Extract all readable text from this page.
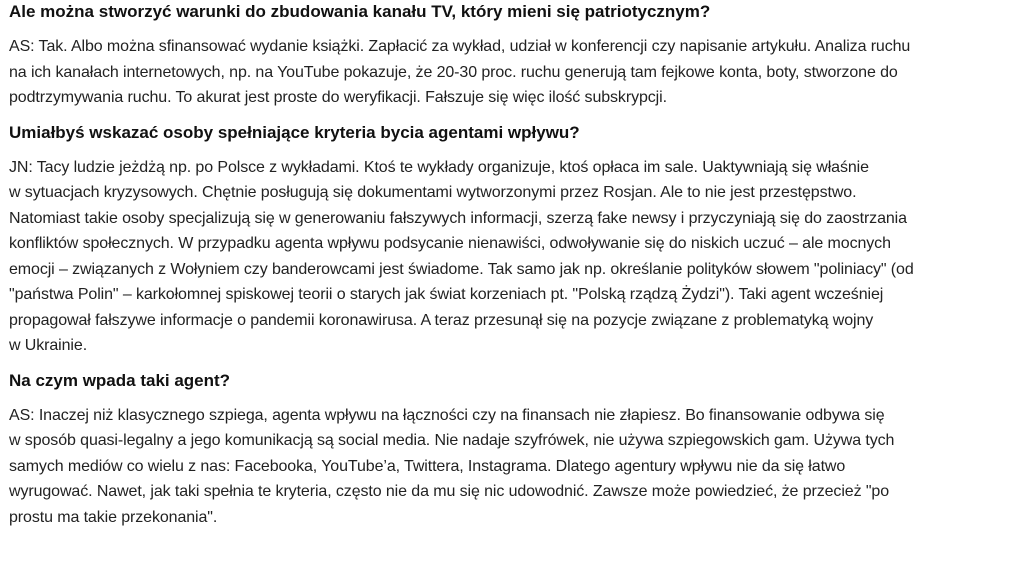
Ale można stworzyć warunki do zbudowania kanału TV, który mieni się patriotycznym?

AS: Tak. Albo można sfinansować wydanie książki. Zapłacić za wykład, udział w konferencji czy napisanie artykułu. Analiza ruchu
na ich kanałach internetowych, np. na YouTube pokazuje, że 20-30 proc. ruchu generują tam fejkowe konta, boty, stworzone do
podtrzymywania ruchu. To akurat jest proste do weryfikacji. Fałszuje się więc ilość subskrypcji.

Umiałbyś wskazać osoby spełniające kryteria bycia agentami wpływu?

JN: Tacy ludzie jeżdżą np. po Polsce z wykładami. Ktoś te wykłady organizuje, ktoś opłaca im sale. Uaktywniają się właśnie
w sytuacjach kryzysowych. Chętnie posługują się dokumentami wytworzonymi przez Rosjan. Ale to nie jest przestępstwo.
Natomiast takie osoby specjalizują się w generowaniu fałszywych informacji, szerzą fake newsy i przyczyniają się do zaostrzania
konfliktów społecznych. W przypadku agenta wpływu podsycanie nienawiści, odwoływanie się do niskich uczuć – ale mocnych
emocji – związanych z Wołyniem czy banderowcami jest świadome. Tak samo jak np. określanie polityków słowem "poliniacy" (od
"państwa Polin" – karkołomnej spiskowej teorii o starych jak świat korzeniach pt. "Polską rządzą Żydzi"). Taki agent wcześniej
propagował fałszywe informacje o pandemii koronawirusa. A teraz przesunął się na pozycje związane z problematyką wojny
w Ukrainie.

Na czym wpada taki agent?

AS: Inaczej niż klasycznego szpiega, agenta wpływu na łączności czy na finansach nie złapiesz. Bo finansowanie odbywa się
w sposób quasi-legalny a jego komunikacją są social media. Nie nadaje szyfrówek, nie używa szpiegowskich gam. Używa tych
samych mediów co wielu z nas: Facebooka, YouTube’a, Twittera, Instagrama. Dlatego agentury wpływu nie da się łatwo
wyrugować. Nawet, jak taki spełnia te kryteria, często nie da mu się nic udowodnić. Zawsze może powiedzieć, że przecież "po
prostu ma takie przekonania".
